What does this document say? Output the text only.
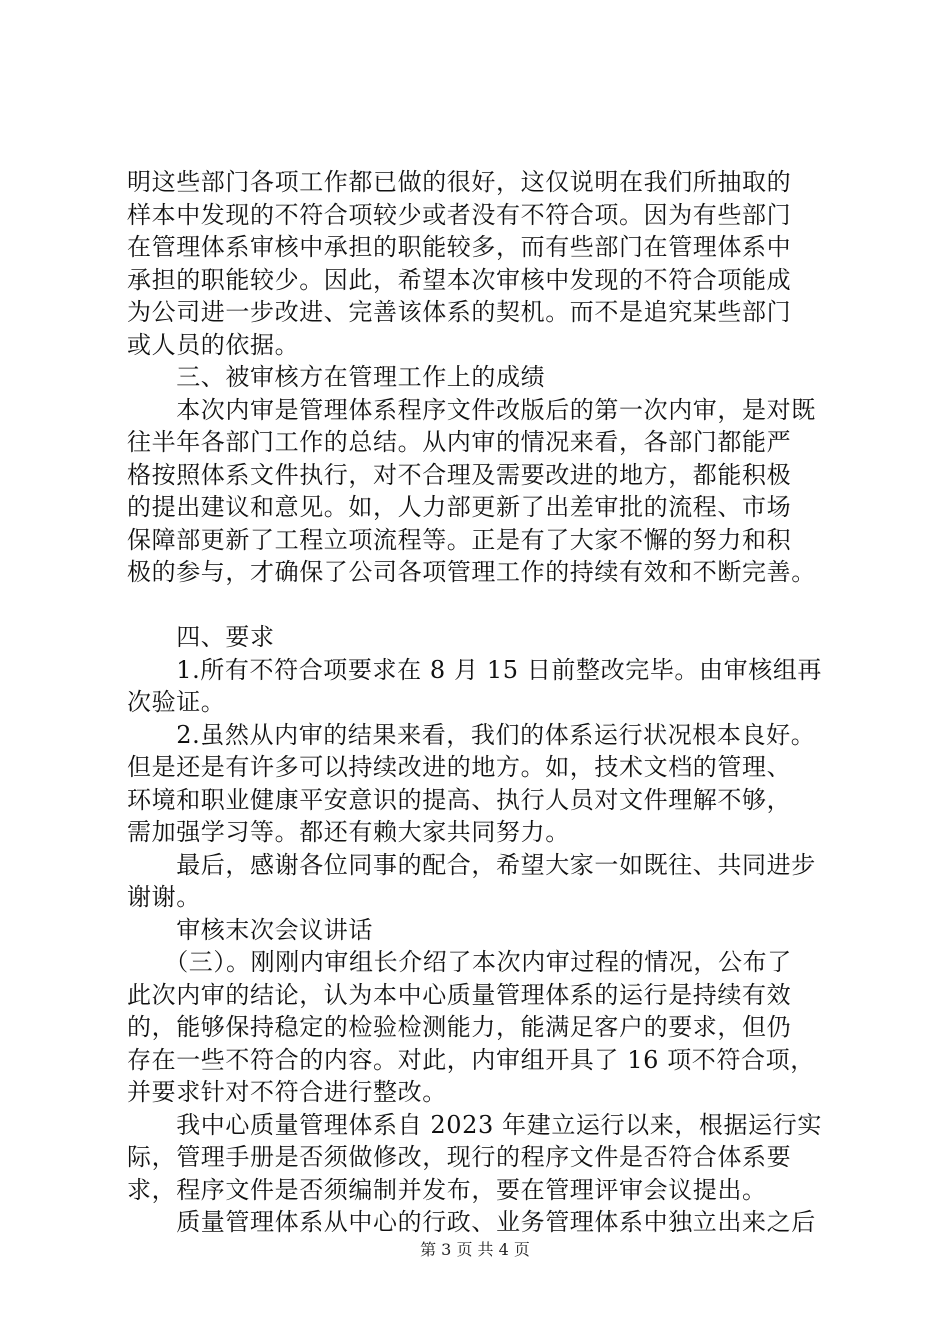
明这些部门各项工作都已做的很好，这仅说明在我们所抽取的
样本中发现的不符合项较少或者没有不符合项。因为有些部门
在管理体系审核中承担的职能较多，而有些部门在管理体系中
承担的职能较少。因此，希望本次审核中发现的不符合项能成
为公司进一步改进、完善该体系的契机。而不是追究某些部门
或人员的依据。
　　三、被审核方在管理工作上的成绩
　　本次内审是管理体系程序文件改版后的第一次内审，是对既
往半年各部门工作的总结。从内审的情况来看，各部门都能严
格按照体系文件执行，对不合理及需要改进的地方，都能积极
的提出建议和意见。如，人力部更新了出差审批的流程、市场
保障部更新了工程立项流程等。正是有了大家不懈的努力和积
极的参与，才确保了公司各项管理工作的持续有效和不断完善。
　　四、要求
　　1.所有不符合项要求在 8 月 15 日前整改完毕。由审核组再
次验证。
　　2.虽然从内审的结果来看，我们的体系运行状况根本良好。
但是还是有许多可以持续改进的地方。如，技术文档的管理、
环境和职业健康平安意识的提高、执行人员对文件理解不够，
需加强学习等。都还有赖大家共同努力。
　　最后，感谢各位同事的配合，希望大家一如既往、共同进步
谢谢。
　　审核末次会议讲话
　　（三）。刚刚内审组长介绍了本次内审过程的情况，公布了
此次内审的结论，认为本中心质量管理体系的运行是持续有效
的，能够保持稳定的检验检测能力，能满足客户的要求，但仍
存在一些不符合的内容。对此，内审组开具了 16 项不符合项，
并要求针对不符合进行整改。
　　我中心质量管理体系自 2023 年建立运行以来，根据运行实
际，管理手册是否须做修改，现行的程序文件是否符合体系要
求，程序文件是否须编制并发布，要在管理评审会议提出。
　　质量管理体系从中心的行政、业务管理体系中独立出来之后
第 3 页 共 4 页
